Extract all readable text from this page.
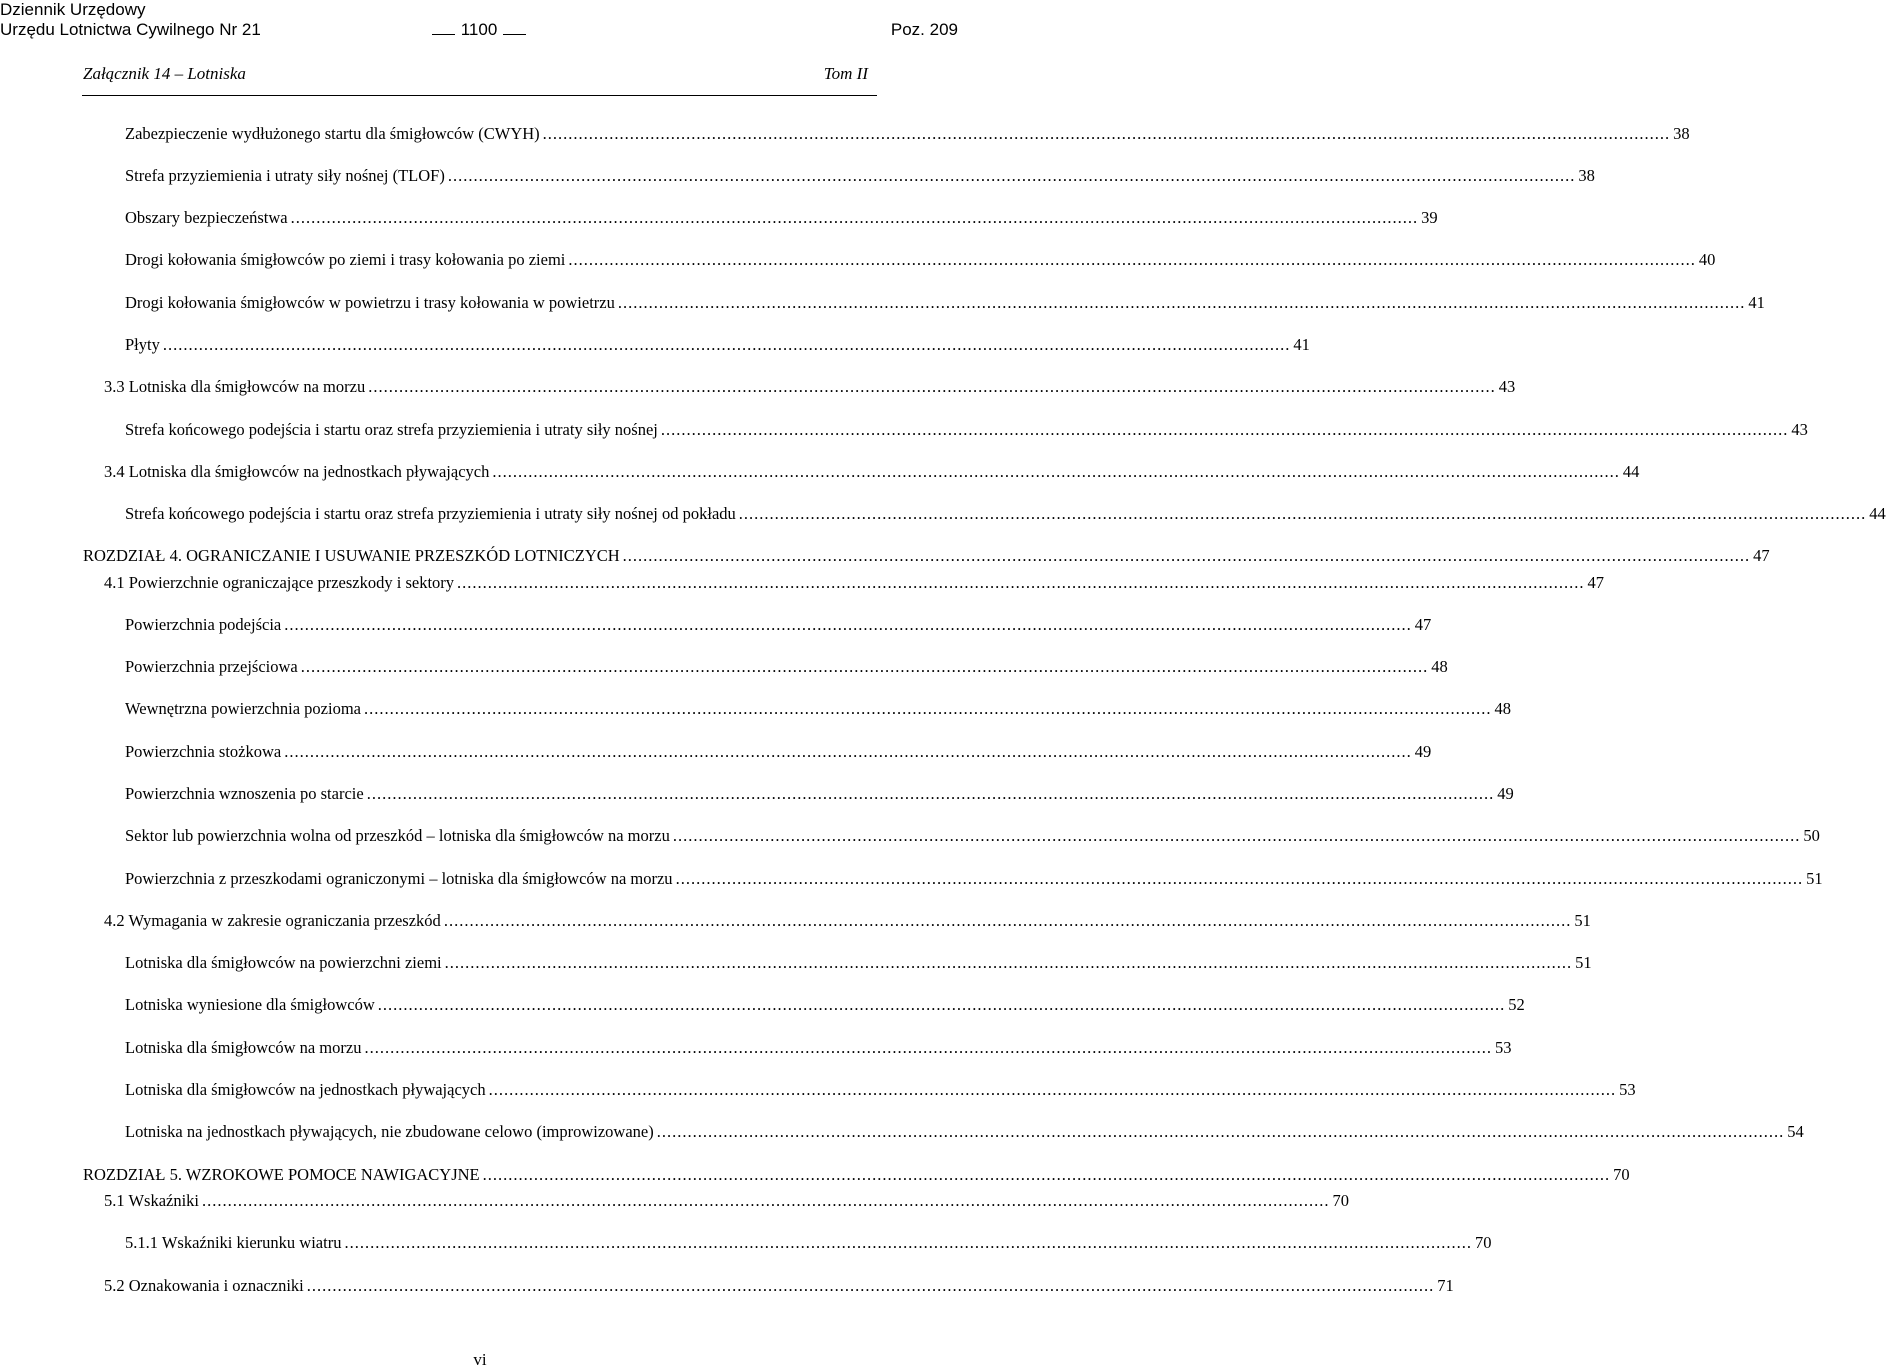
Dziennik Urzędowy
Urzędu Lotnictwa Cywilnego Nr 21	1100	Poz. 209
Załącznik 14 – Lotniska	Tom II
Zabezpieczenie wydłużonego startu dla śmigłowców (CWYH) ............................................................................................................................................................................................................................ 38
Strefa przyziemienia i utraty siły nośnej (TLOF) ............................................................................................................................................................................................................................ 38
Obszary bezpieczeństwa ............................................................................................................................................................................................................................ 39
Drogi kołowania śmigłowców po ziemi i trasy kołowania po ziemi ............................................................................................................................................................................................................................ 40
Drogi kołowania śmigłowców w powietrzu i trasy kołowania w powietrzu ............................................................................................................................................................................................................................ 41
Płyty ............................................................................................................................................................................................................................ 41
3.3 Lotniska dla śmigłowców na morzu ............................................................................................................................................................................................................................ 43
Strefa końcowego podejścia i startu oraz strefa przyziemienia i utraty siły nośnej ............................................................................................................................................................................................................................ 43
3.4 Lotniska dla śmigłowców na jednostkach pływających ............................................................................................................................................................................................................................ 44
Strefa końcowego podejścia i startu oraz strefa przyziemienia i utraty siły nośnej od pokładu ............................................................................................................................................................................................................................ 44
ROZDZIAŁ 4. OGRANICZANIE I USUWANIE PRZESZKÓD LOTNICZYCH ............................................................................................................................................................................................................................ 47
4.1 Powierzchnie ograniczające przeszkody i sektory ............................................................................................................................................................................................................................ 47
Powierzchnia podejścia ............................................................................................................................................................................................................................ 47
Powierzchnia przejściowa ............................................................................................................................................................................................................................ 48
Wewnętrzna powierzchnia pozioma ............................................................................................................................................................................................................................ 48
Powierzchnia stożkowa ............................................................................................................................................................................................................................ 49
Powierzchnia wznoszenia po starcie ............................................................................................................................................................................................................................ 49
Sektor lub powierzchnia wolna od przeszkód – lotniska dla śmigłowców na morzu ............................................................................................................................................................................................................................ 50
Powierzchnia z przeszkodami ograniczonymi – lotniska dla śmigłowców na morzu ............................................................................................................................................................................................................................ 51
4.2 Wymagania w zakresie ograniczania przeszkód ............................................................................................................................................................................................................................ 51
Lotniska dla śmigłowców na powierzchni ziemi ............................................................................................................................................................................................................................ 51
Lotniska wyniesione dla śmigłowców ............................................................................................................................................................................................................................ 52
Lotniska dla śmigłowców na morzu ............................................................................................................................................................................................................................ 53
Lotniska dla śmigłowców na jednostkach pływających ............................................................................................................................................................................................................................ 53
Lotniska na jednostkach pływających, nie zbudowane celowo (improwizowane) ............................................................................................................................................................................................................................ 54
ROZDZIAŁ 5. WZROKOWE POMOCE NAWIGACYJNE ............................................................................................................................................................................................................................ 70
5.1 Wskaźniki ............................................................................................................................................................................................................................ 70
5.1.1 Wskaźniki kierunku wiatru ............................................................................................................................................................................................................................ 70
5.2 Oznakowania i oznaczniki ............................................................................................................................................................................................................................ 71
vi
